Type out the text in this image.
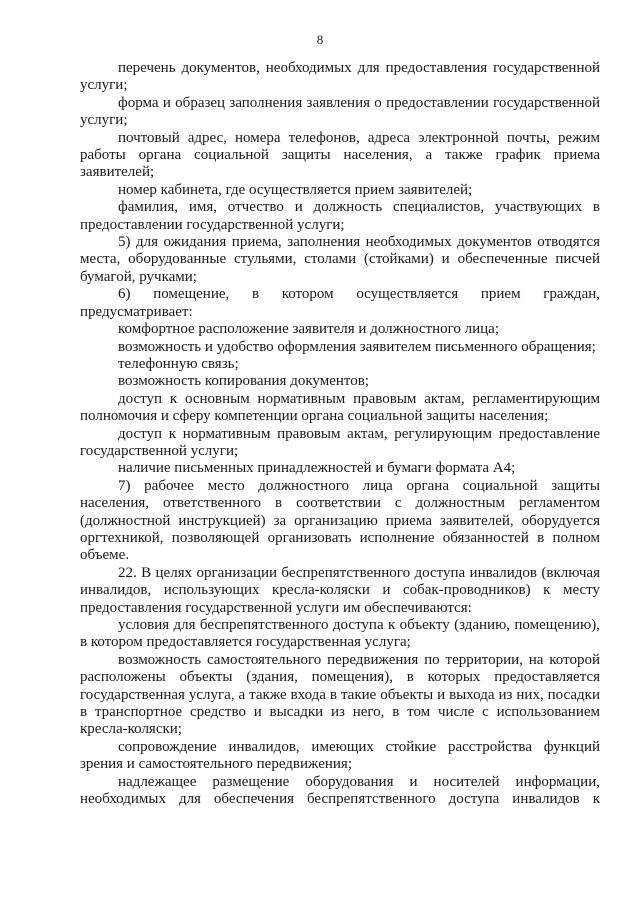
8

перечень документов, необходимых для предоставления государственной услуги;

форма и образец заполнения заявления о предоставлении государственной услуги;

почтовый адрес, номера телефонов, адреса электронной почты, режим работы органа социальной защиты населения, а также график приема заявителей;

номер кабинета, где осуществляется прием заявителей;

фамилия, имя, отчество и должность специалистов, участвующих в предоставлении государственной услуги;

5) для ожидания приема, заполнения необходимых документов отводятся места, оборудованные стульями, столами (стойками) и обеспеченные писчей бумагой, ручками;

6) помещение, в котором осуществляется прием граждан, предусматривает:

комфортное расположение заявителя и должностного лица;

возможность и удобство оформления заявителем письменного обращения;

телефонную связь;

возможность копирования документов;

доступ к основным нормативным правовым актам, регламентирующим полномочия и сферу компетенции органа социальной защиты населения;

доступ к нормативным правовым актам, регулирующим предоставление государственной услуги;

наличие письменных принадлежностей и бумаги формата А4;

7) рабочее место должностного лица органа социальной защиты населения, ответственного в соответствии с должностным регламентом (должностной инструкцией) за организацию приема заявителей, оборудуется оргтехникой, позволяющей организовать исполнение обязанностей в полном объеме.

22. В целях организации беспрепятственного доступа инвалидов (включая инвалидов, использующих кресла-коляски и собак-проводников) к месту предоставления государственной услуги им обеспечиваются:

условия для беспрепятственного доступа к объекту (зданию, помещению), в котором предоставляется государственная услуга;

возможность самостоятельного передвижения по территории, на которой расположены объекты (здания, помещения), в которых предоставляется государственная услуга, а также входа в такие объекты и выхода из них, посадки в транспортное средство и высадки из него, в том числе с использованием кресла-коляски;

сопровождение инвалидов, имеющих стойкие расстройства функций зрения и самостоятельного передвижения;

надлежащее размещение оборудования и носителей информации, необходимых для обеспечения беспрепятственного доступа инвалидов к
